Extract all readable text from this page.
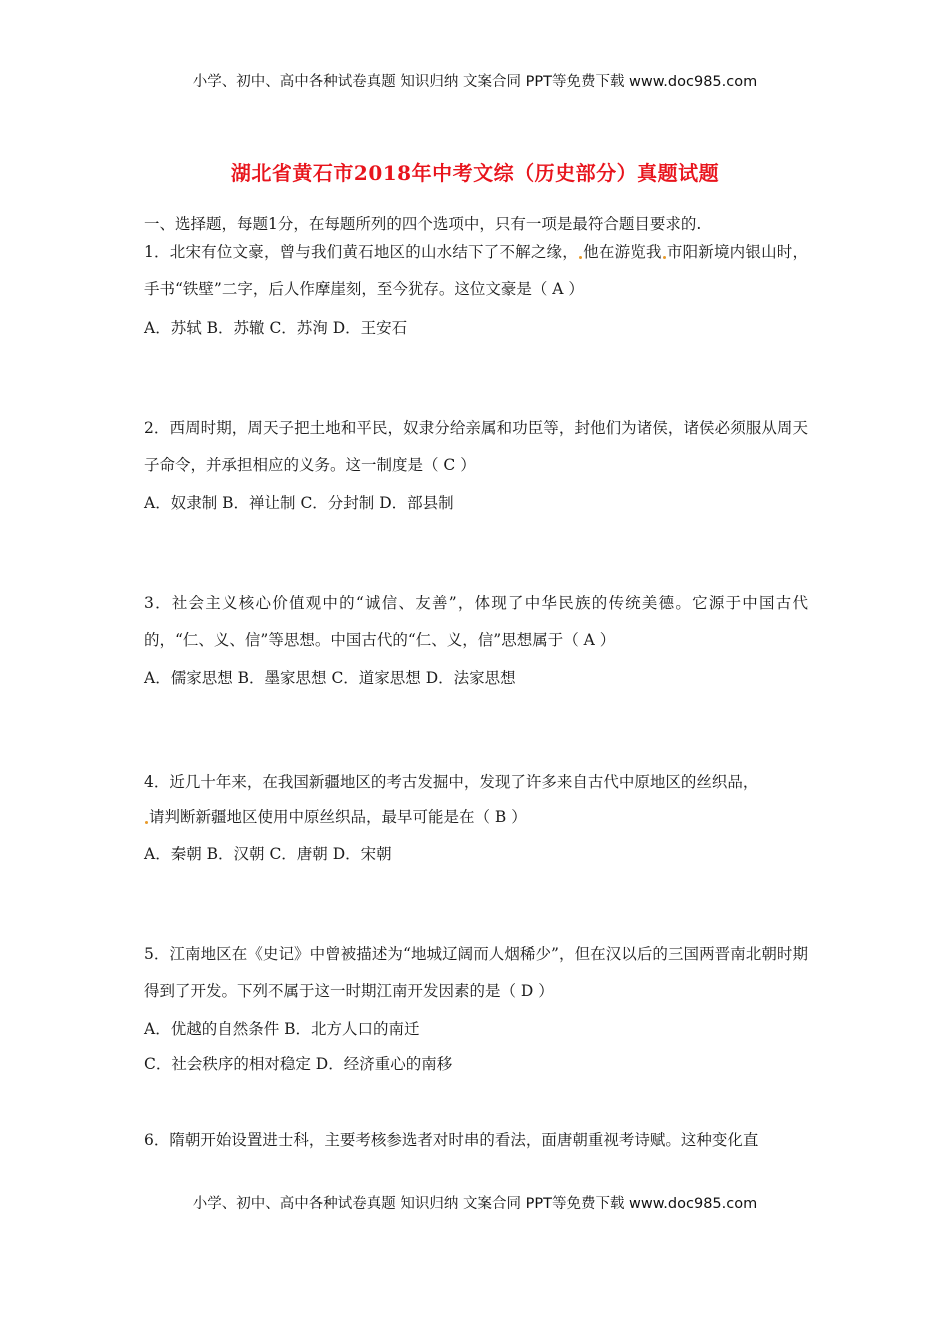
小学、初中、高中各种试卷真题 知识归纳 文案合同 PPT等免费下载 www.doc985.com
湖北省黄石市2018年中考文综（历史部分）真题试题
一、选择题，每题1分，在每题所列的四个选项中，只有一项是最符合题目要求的.
1．北宋有位文豪，曾与我们黄石地区的山水结下了不解之缘， 他在游览我 市阳新境内银山时，手书“铁壁”二字，后人作摩崖刻，至今犹存。这位文豪是（ A ）
A．苏轼 B．苏辙 C．苏洵 D．王安石
2．西周时期，周天子把土地和平民，奴隶分给亲属和功臣等，封他们为诸侯，诸侯必须服从周天子命令，并承担相应的义务。这一制度是（ C ）
A．奴隶制 B．禅让制 C．分封制 D．部县制
3．社会主义核心价值观中的“诚信、友善”，体现了中华民族的传统美德。它源于中国古代的，“仁、义、信”等思想。中国古代的“仁、义，信”思想属于（ A ）
A．儒家思想 B．墨家思想 C．道家思想 D．法家思想
4．近几十年来，在我国新疆地区的考古发掘中，发现了许多来自古代中原地区的丝织品，
请判断新疆地区使用中原丝织品，最早可能是在（ B ）
A．秦朝 B．汉朝 C．唐朝 D．宋朝
5．江南地区在《史记》中曾被描述为“地城辽阔而人烟稀少”，但在汉以后的三国两晋南北朝时期得到了开发。下列不属于这一时期江南开发因素的是（ D ）
A．优越的自然条件 B．北方人口的南迁
C．社会秩序的相对稳定 D．经济重心的南移
6．隋朝开始设置进士科，主要考核参选者对时串的看法，面唐朝重视考诗赋。这种变化直
小学、初中、高中各种试卷真题 知识归纳 文案合同 PPT等免费下载 www.doc985.com
